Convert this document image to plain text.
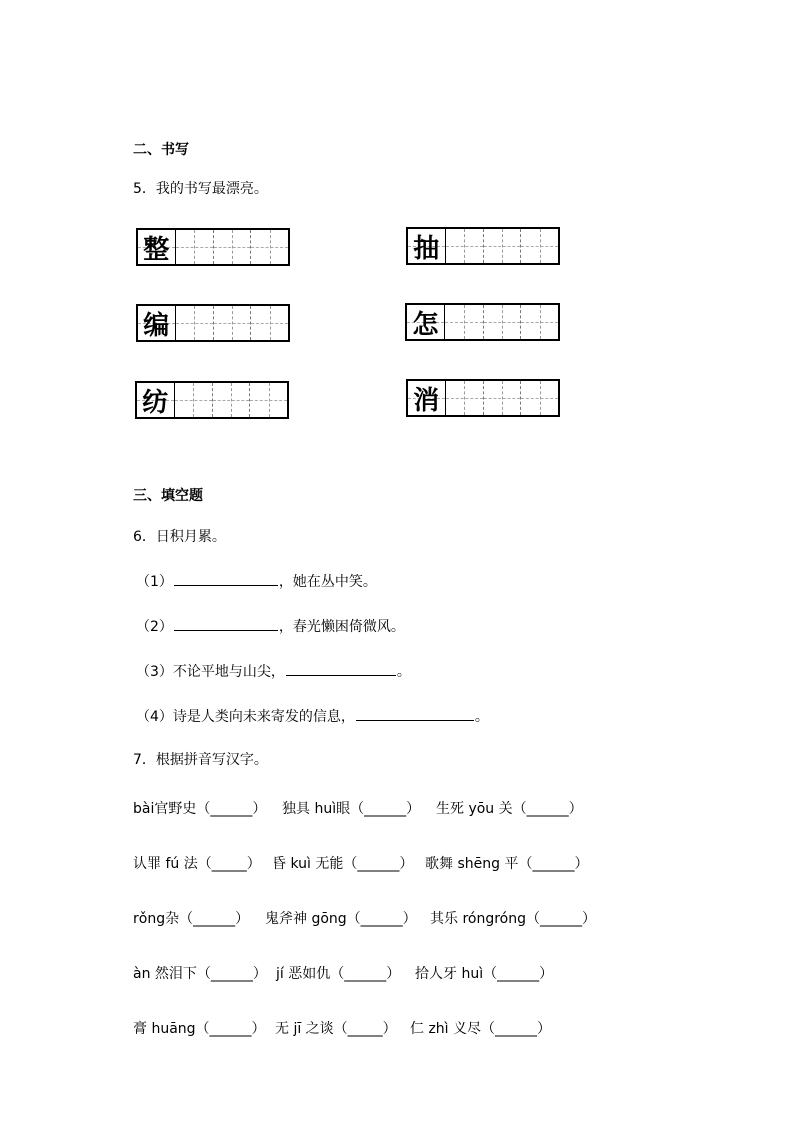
二、书写
5．我的书写最漂亮。
整	抽
编	怎
纺	消
三、填空题
6．日积月累。
（1）	，她在丛中笑。
（2）	，春光懒困倚微风。
（3）不论平地与山尖，	。
（4）诗是人类向未来寄发的信息，	。
7．根据拼音写汉字。
bài官野史（______） 独具 huì眼（______） 生死 yōu 关（______）
认罪 fú 法（_____） 昏 kuì 无能（______） 歌舞 shēng 平（______）
rǒng杂（______） 鬼斧神 gōng（______） 其乐 róngróng（______）
àn 然泪下（______） jí 恶如仇（______） 拾人牙 huì（______）
膏 huāng（______） 无 jī 之谈（_____） 仁 zhì 义尽（______）
